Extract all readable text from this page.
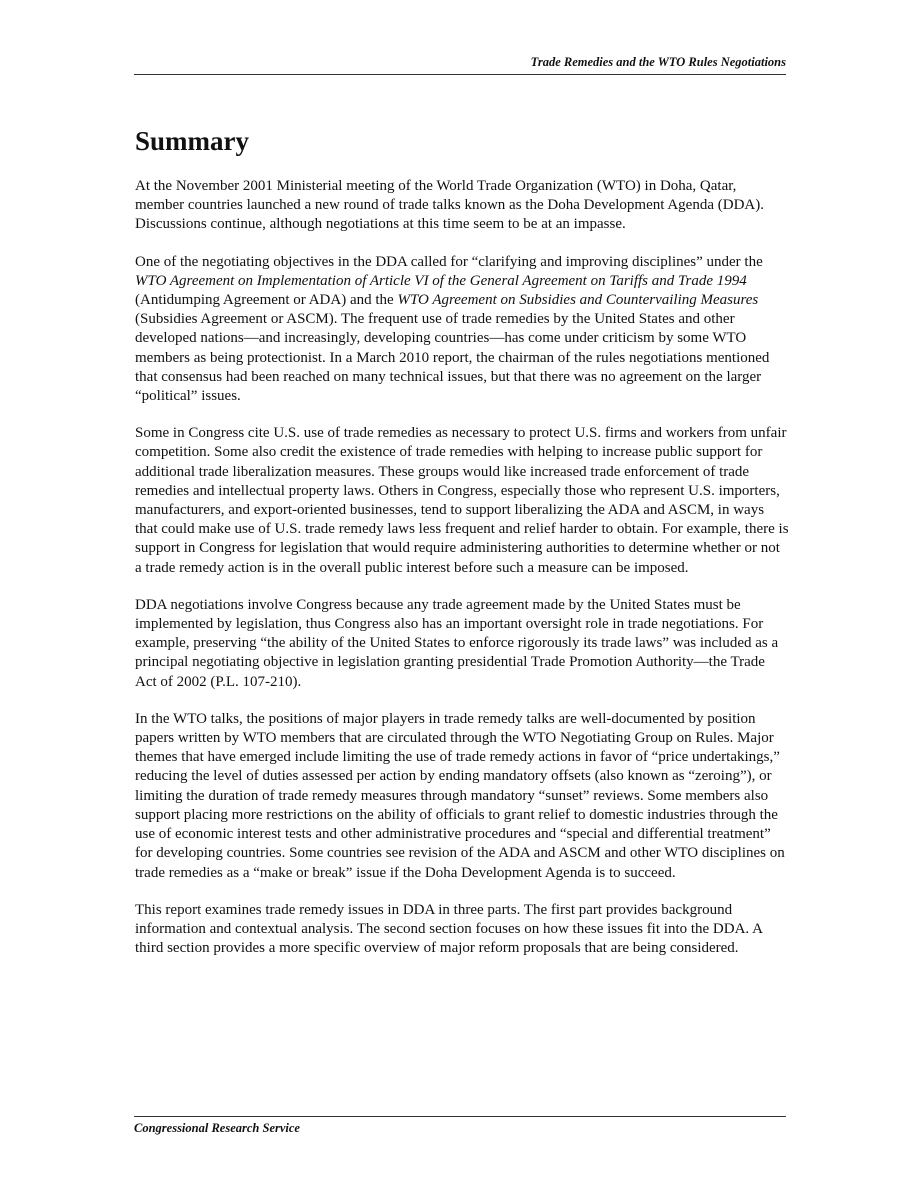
Trade Remedies and the WTO Rules Negotiations
Summary

At the November 2001 Ministerial meeting of the World Trade Organization (WTO) in Doha, Qatar, member countries launched a new round of trade talks known as the Doha Development Agenda (DDA). Discussions continue, although negotiations at this time seem to be at an impasse.

One of the negotiating objectives in the DDA called for “clarifying and improving disciplines” under the WTO Agreement on Implementation of Article VI of the General Agreement on Tariffs and Trade 1994 (Antidumping Agreement or ADA) and the WTO Agreement on Subsidies and Countervailing Measures (Subsidies Agreement or ASCM). The frequent use of trade remedies by the United States and other developed nations—and increasingly, developing countries—has come under criticism by some WTO members as being protectionist. In a March 2010 report, the chairman of the rules negotiations mentioned that consensus had been reached on many technical issues, but that there was no agreement on the larger “political” issues.

Some in Congress cite U.S. use of trade remedies as necessary to protect U.S. firms and workers from unfair competition. Some also credit the existence of trade remedies with helping to increase public support for additional trade liberalization measures. These groups would like increased trade enforcement of trade remedies and intellectual property laws. Others in Congress, especially those who represent U.S. importers, manufacturers, and export-oriented businesses, tend to support liberalizing the ADA and ASCM, in ways that could make use of U.S. trade remedy laws less frequent and relief harder to obtain. For example, there is support in Congress for legislation that would require administering authorities to determine whether or not a trade remedy action is in the overall public interest before such a measure can be imposed.

DDA negotiations involve Congress because any trade agreement made by the United States must be implemented by legislation, thus Congress also has an important oversight role in trade negotiations. For example, preserving “the ability of the United States to enforce rigorously its trade laws” was included as a principal negotiating objective in legislation granting presidential Trade Promotion Authority—the Trade Act of 2002 (P.L. 107-210).

In the WTO talks, the positions of major players in trade remedy talks are well-documented by position papers written by WTO members that are circulated through the WTO Negotiating Group on Rules. Major themes that have emerged include limiting the use of trade remedy actions in favor of “price undertakings,” reducing the level of duties assessed per action by ending mandatory offsets (also known as “zeroing”), or limiting the duration of trade remedy measures through mandatory “sunset” reviews. Some members also support placing more restrictions on the ability of officials to grant relief to domestic industries through the use of economic interest tests and other administrative procedures and “special and differential treatment” for developing countries. Some countries see revision of the ADA and ASCM and other WTO disciplines on trade remedies as a “make or break” issue if the Doha Development Agenda is to succeed.

This report examines trade remedy issues in DDA in three parts. The first part provides background information and contextual analysis. The second section focuses on how these issues fit into the DDA. A third section provides a more specific overview of major reform proposals that are being considered.

Congressional Research Service
